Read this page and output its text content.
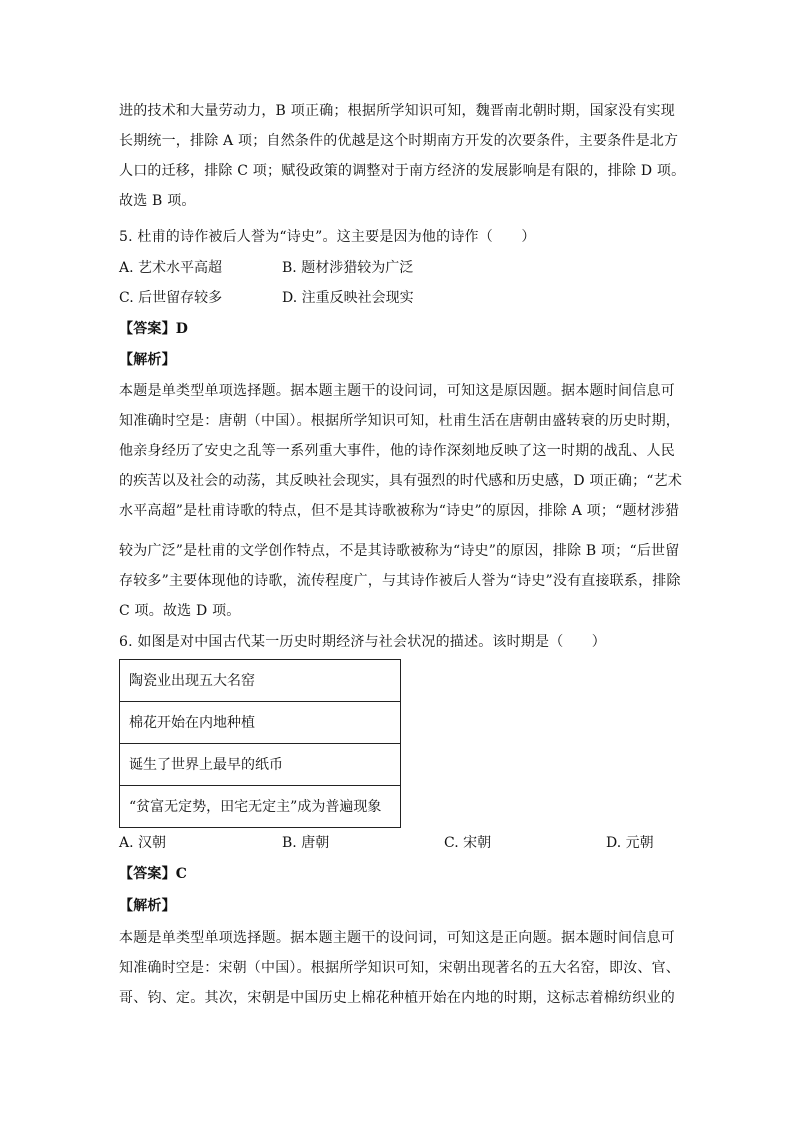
进的技术和大量劳动力，B 项正确；根据所学知识可知，魏晋南北朝时期，国家没有实现
长期统一，排除 A 项；自然条件的优越是这个时期南方开发的次要条件，主要条件是北方
人口的迁移，排除 C 项；赋役政策的调整对于南方经济的发展影响是有限的，排除 D 项。
故选 B 项。
5. 杜甫的诗作被后人誉为“诗史”。这主要是因为他的诗作（　　）
A. 艺术水平高超	B. 题材涉猎较为广泛
C. 后世留存较多	D. 注重反映社会现实
【答案】D
【解析】
本题是单类型单项选择题。据本题主题干的设问词，可知这是原因题。据本题时间信息可
知准确时空是：唐朝（中国）。根据所学知识可知，杜甫生活在唐朝由盛转衰的历史时期，
他亲身经历了安史之乱等一系列重大事件，他的诗作深刻地反映了这一时期的战乱、人民
的疾苦以及社会的动荡，其反映社会现实，具有强烈的时代感和历史感，D 项正确；“艺术
水平高超”是杜甫诗歌的特点，但不是其诗歌被称为“诗史”的原因，排除 A 项；“题材涉猎
较为广泛”是杜甫的文学创作特点，不是其诗歌被称为“诗史”的原因，排除 B 项；“后世留
存较多”主要体现他的诗歌，流传程度广，与其诗作被后人誉为“诗史”没有直接联系，排除
C 项。故选 D 项。
6. 如图是对中国古代某一历史时期经济与社会状况的描述。该时期是（　　）
陶瓷业出现五大名窑
棉花开始在内地种植
诞生了世界上最早的纸币
“贫富无定势，田宅无定主”成为普遍现象
A. 汉朝	B. 唐朝	C. 宋朝	D. 元朝
【答案】C
【解析】
本题是单类型单项选择题。据本题主题干的设问词，可知这是正向题。据本题时间信息可
知准确时空是：宋朝（中国）。根据所学知识可知，宋朝出现著名的五大名窑，即汝、官、
哥、钧、定。其次，宋朝是中国历史上棉花种植开始在内地的时期，这标志着棉纺织业的
